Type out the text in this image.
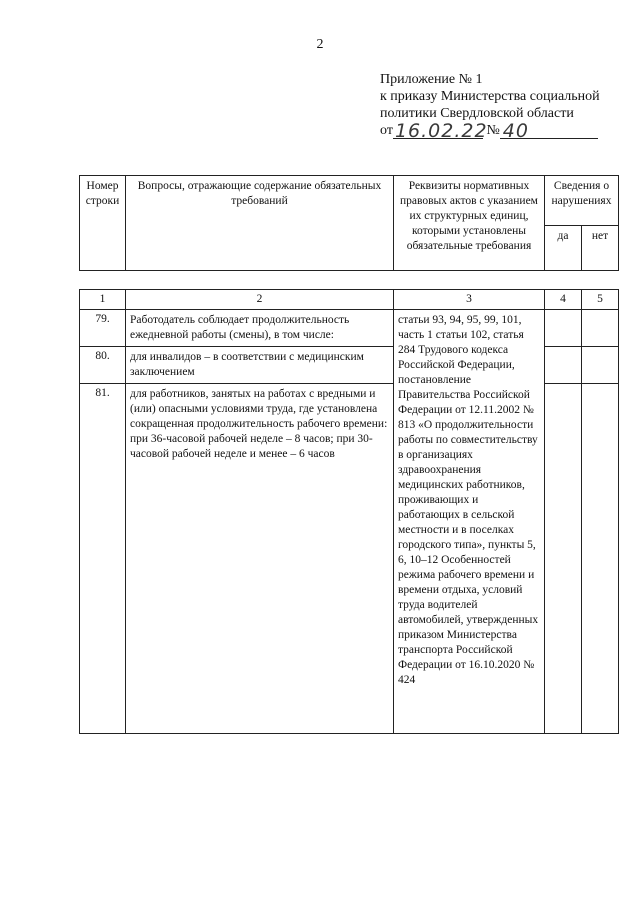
2
Приложение № 1
к приказу Министерства социальной
политики Свердловской области
от 16.02.22
№ 40
Номер строки	Вопросы, отражающие содержание обязательных требований	Реквизиты нормативных правовых актов с указанием их структурных единиц, которыми установлены обязательные требования	Сведения о нарушениях	
			да	нет
1	2	3	4	5
79.	Работодатель соблюдает продолжительность ежедневной работы (смены), в том числе:	статьи 93, 94, 95, 99, 101, часть 1 статьи 102, статья 284 Трудового кодекса Российской Федерации, постановление Правительства Российской Федерации от 12.11.2002 № 813 «О продолжительности работы по совместительству в организациях здравоохранения медицинских работников, проживающих и работающих в сельской местности и в поселках городского типа», пункты 5, 6, 10–12 Особенностей режима рабочего времени и времени отдыха, условий труда водителей автомобилей, утвержденных приказом Министерства транспорта Российской Федерации от 16.10.2020 № 424		
80.	для инвалидов – в соответствии с медицинским заключением			
81.	для работников, занятых на работах с вредными и (или) опасными условиями труда, где установлена сокращенная продолжительность рабочего времени: при 36-часовой рабочей неделе – 8 часов; при 30-часовой рабочей неделе и менее – 6 часов			
